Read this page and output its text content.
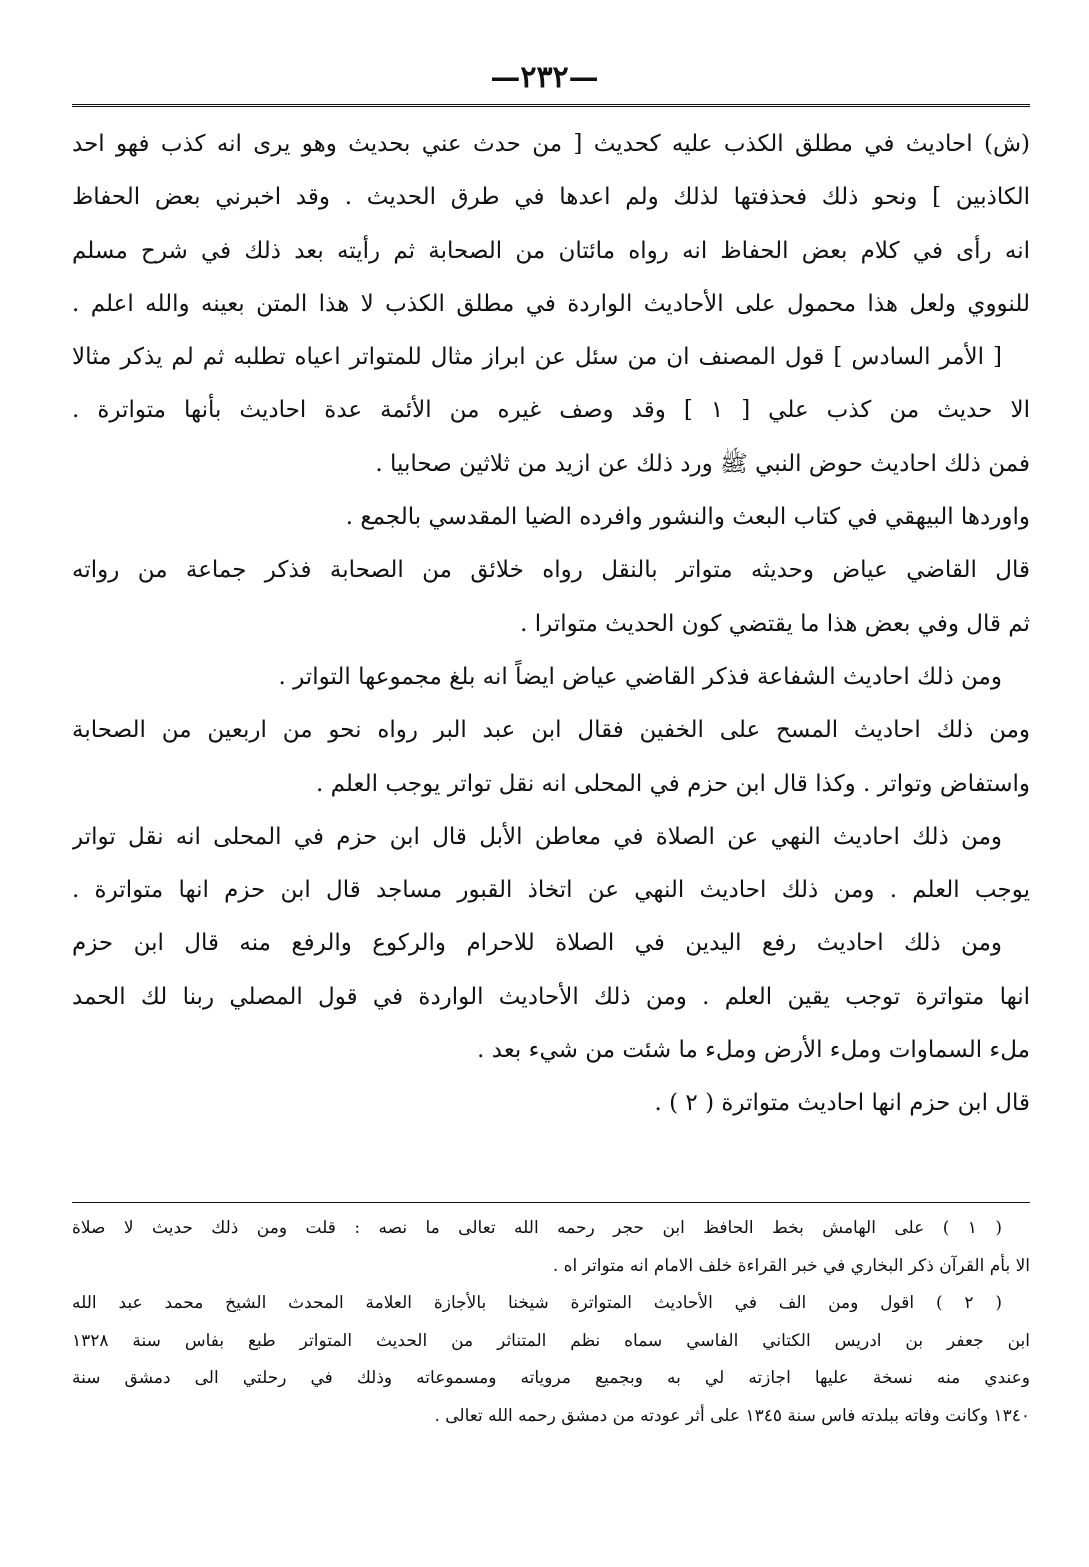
—٢٣٢—
(ش) احاديث في مطلق الكذب عليه كحديث [ من حدث عني بحديث وهو يرى انه كذب فهو احد
الكاذبين ] ونحو ذلك فحذفتها لذلك ولم اعدها في طرق الحديث . وقد اخبرني بعض الحفاظ
انه رأى في كلام بعض الحفاظ انه رواه مائتان من الصحابة ثم رأيته بعد ذلك في شرح مسلم
للنووي ولعل هذا محمول على الأحاديث الواردة في مطلق الكذب لا هذا المتن بعينه والله اعلم .
[ الأمر السادس ] قول المصنف ان من سئل عن ابراز مثال للمتواتر اعياه تطلبه ثم لم يذكر مثالا
الا حديث من كذب علي [ ١ ] وقد وصف غيره من الأئمة عدة احاديث بأنها متواترة .
فمن ذلك احاديث حوض النبي ﷺ ورد ذلك عن ازيد من ثلاثين صحابيا .
واوردها البيهقي في كتاب البعث والنشور وافرده الضيا المقدسي بالجمع .
قال القاضي عياض وحديثه متواتر بالنقل رواه خلائق من الصحابة فذكر جماعة من رواته
ثم قال وفي بعض هذا ما يقتضي كون الحديث متواترا .
ومن ذلك احاديث الشفاعة فذكر القاضي عياض ايضاً انه بلغ مجموعها التواتر .
ومن ذلك احاديث المسح على الخفين فقال ابن عبد البر رواه نحو من اربعين من الصحابة
واستفاض وتواتر . وكذا قال ابن حزم في المحلى انه نقل تواتر يوجب العلم .
ومن ذلك احاديث النهي عن الصلاة في معاطن الأبل قال ابن حزم في المحلى انه نقل تواتر
يوجب العلم . ومن ذلك احاديث النهي عن اتخاذ القبور مساجد قال ابن حزم انها متواترة .
ومن ذلك احاديث رفع اليدين في الصلاة للاحرام والركوع والرفع منه قال ابن حزم
انها متواترة توجب يقين العلم . ومن ذلك الأحاديث الواردة في قول المصلي ربنا لك الحمد
ملء السماوات وملء الأرض وملء ما شئت من شيء بعد .
قال ابن حزم انها احاديث متواترة ( ٢ ) .
( ١ ) على الهامش بخط الحافظ ابن حجر رحمه الله تعالى ما نصه : قلت ومن ذلك حديث لا صلاة
الا بأم القرآن ذكر البخاري في خبر القراءة خلف الامام انه متواتر اه .
( ٢ ) اقول ومن الف في الأحاديث المتواترة شيخنا بالأجازة العلامة المحدث الشيخ محمد عبد الله
ابن جعفر بن ادريس الكتاني الفاسي سماه نظم المتناثر من الحديث المتواتر طبع بفاس سنة ١٣٢٨
وعندي منه نسخة عليها اجازته لي به وبجميع مروياته ومسموعاته وذلك في رحلتي الى دمشق سنة
١٣٤٠ وكانت وفاته ببلدته فاس سنة ١٣٤٥ على أثر عودته من دمشق رحمه الله تعالى .
